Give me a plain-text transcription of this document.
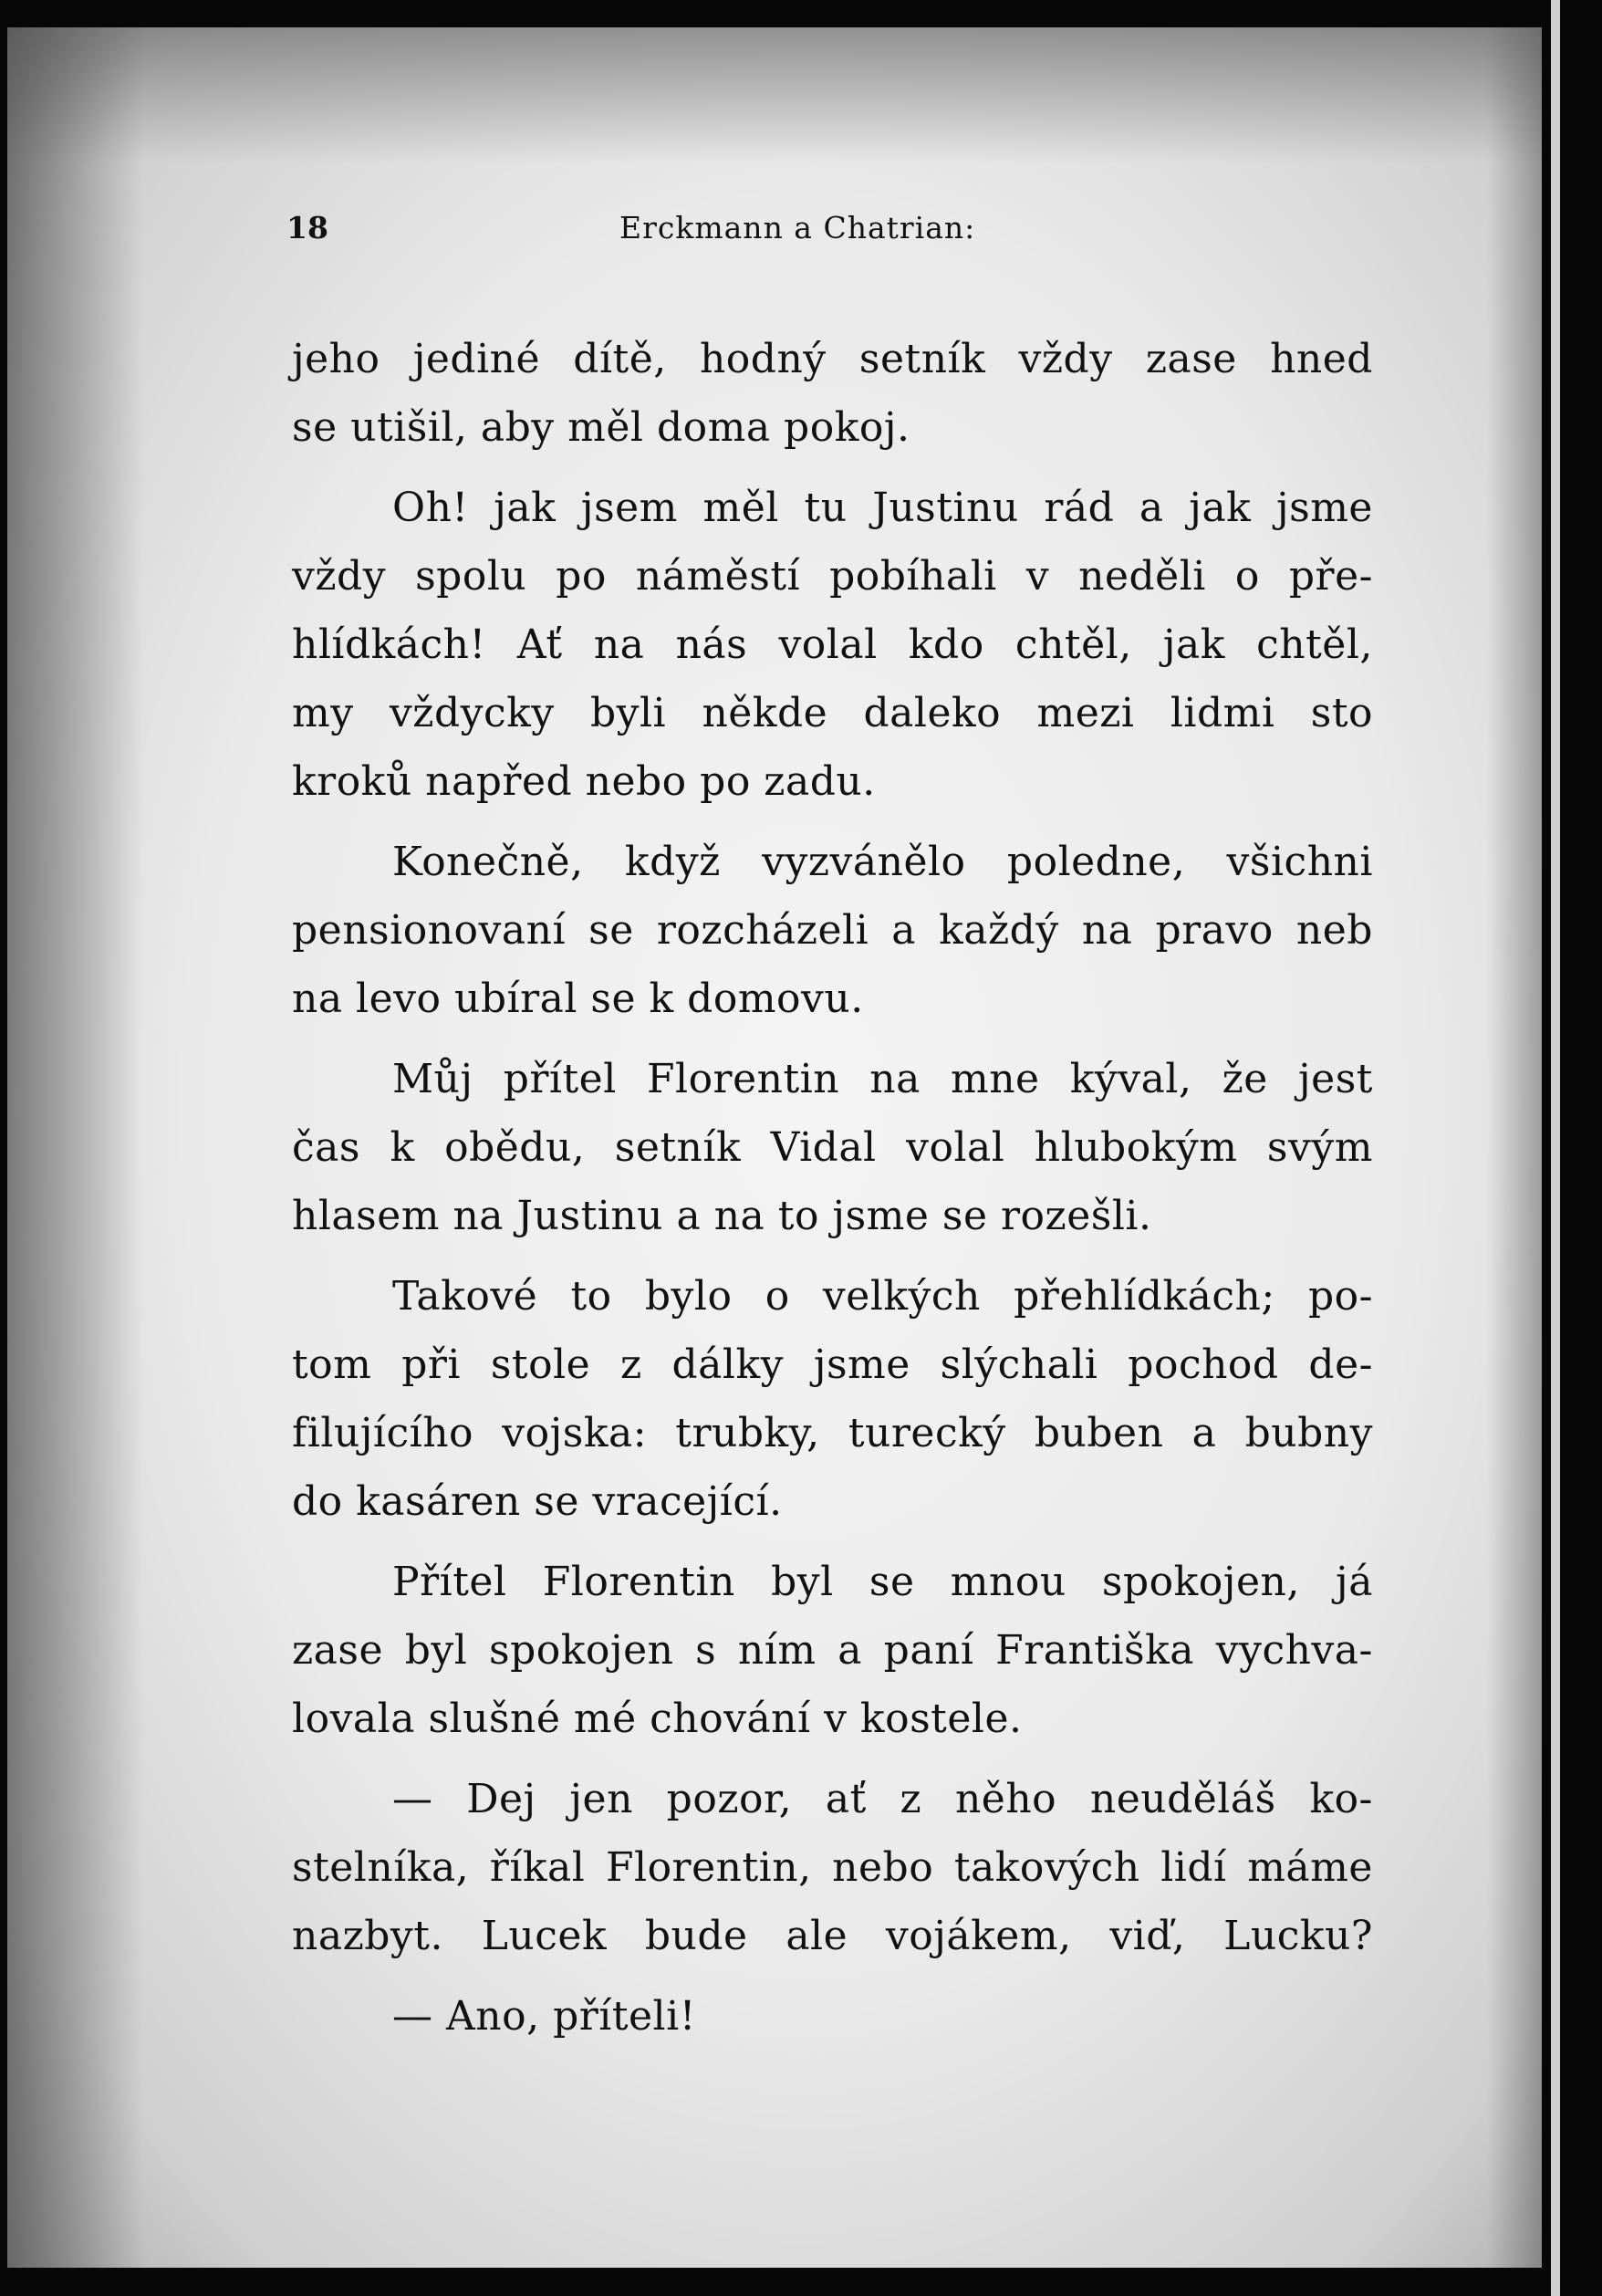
18	Erckmann a Chatrian:
jeho jediné dítě, hodný setník vždy zase hned
se utišil, aby měl doma pokoj.
Oh! jak jsem měl tu Justinu rád a jak jsme
vždy spolu po náměstí pobíhali v neděli o pře-
hlídkách! Ať na nás volal kdo chtěl, jak chtěl,
my vždycky byli někde daleko mezi lidmi sto
kroků napřed nebo po zadu.
Konečně, když vyzvánělo poledne, všichni
pensionovaní se rozcházeli a každý na pravo neb
na levo ubíral se k domovu.
Můj přítel Florentin na mne kýval, že jest
čas k obědu, setník Vidal volal hlubokým svým
hlasem na Justinu a na to jsme se rozešli.
Takové to bylo o velkých přehlídkách; po-
tom při stole z dálky jsme slýchali pochod de-
filujícího vojska: trubky, turecký buben a bubny
do kasáren se vracející.
Přítel Florentin byl se mnou spokojen, já
zase byl spokojen s ním a paní Františka vychva-
lovala slušné mé chování v kostele.
— Dej jen pozor, ať z něho neuděláš ko-
stelníka, říkal Florentin, nebo takových lidí máme
nazbyt. Lucek bude ale vojákem, viď, Lucku?
— Ano, příteli!
